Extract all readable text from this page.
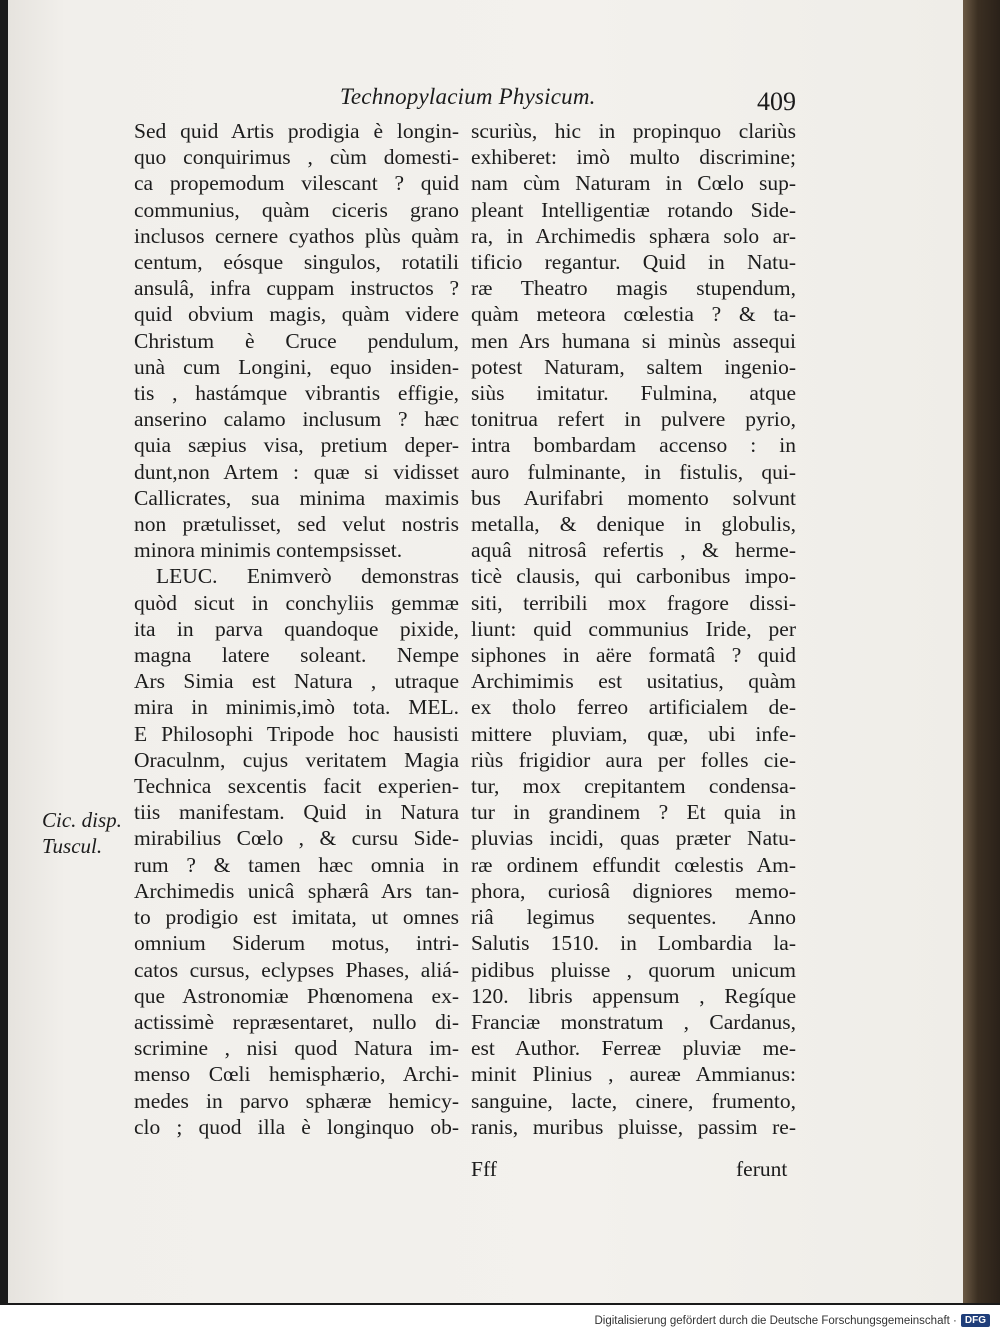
Technopylacium Physicum.	409
Sed quid Artis prodigia è longin-
quo conquirimus , cùm domesti-
ca propemodum vilescant ? quid
communius, quàm ciceris grano
inclusos cernere cyathos plùs quàm
centum, eósque singulos, rotatili
ansulâ, infra cuppam instructos ?
quid obvium magis, quàm videre
Christum è Cruce pendulum,
unà cum Longini, equo insiden-
tis , hastámque vibrantis effigie,
anserino calamo inclusum ? hæc
quia sæpius visa, pretium deper-
dunt,non Artem : quæ si vidisset
Callicrates, sua minima maximis
non prætulisset, sed velut nostris
minora minimis contempsisset.
LEUC. Enimverò demonstras
quòd sicut in conchyliis gemmæ
ita in parva quandoque pixide,
magna latere soleant. Nempe
Ars Simia est Natura , utraque
mira in minimis,imò tota. MEL.
E Philosophi Tripode hoc hausisti
Oraculnm, cujus veritatem Magia
Technica sexcentis facit experien-
tiis manifestam. Quid in Natura
mirabilius Cœlo , & cursu Side-
rum ? & tamen hæc omnia in
Archimedis unicâ sphærâ Ars tan-
to prodigio est imitata, ut omnes
omnium Siderum motus, intri-
catos cursus, eclypses Phases, aliá-
que Astronomiæ Phœnomena ex-
actissimè repræsentaret, nullo di-
scrimine , nisi quod Natura im-
menso Cœli hemisphærio, Archi-
medes in parvo sphæræ hemicy-
clo ; quod illa è longinquo ob-
scuriùs, hic in propinquo clariùs
exhiberet: imò multo discrimine;
nam cùm Naturam in Cœlo sup-
pleant Intelligentiæ rotando Side-
ra, in Archimedis sphæra solo ar-
tificio regantur. Quid in Natu-
ræ Theatro magis stupendum,
quàm meteora cœlestia ? & ta-
men Ars humana si minùs assequi
potest Naturam, saltem ingenio-
siùs imitatur. Fulmina, atque
tonitrua refert in pulvere pyrio,
intra bombardam accenso : in
auro fulminante, in fistulis, qui-
bus Aurifabri momento solvunt
metalla, & denique in globulis,
aquâ nitrosâ refertis , & herme-
ticè clausis, qui carbonibus impo-
siti, terribili mox fragore dissi-
liunt: quid communius Iride, per
siphones in aëre formatâ ? quid
Archimimis est usitatius, quàm
ex tholo ferreo artificialem de-
mittere pluviam, quæ, ubi infe-
riùs frigidior aura per folles cie-
tur, mox crepitantem condensa-
tur in grandinem ? Et quia in
pluvias incidi, quas præter Natu-
ræ ordinem effundit cœlestis Am-
phora, curiosâ digniores memo-
riâ legimus sequentes. Anno
Salutis 1510. in Lombardia la-
pidibus pluisse , quorum unicum
120. libris appensum , Regíque
Franciæ monstratum , Cardanus,
est Author. Ferreæ pluviæ me-
minit Plinius , aureæ Ammianus:
sanguine, lacte, cinere, frumento,
ranis, muribus pluisse, passim re-
Cic. disp.
Tuscul.
Fff	ferunt
Digitalisierung gefördert durch die Deutsche Forschungsgemeinschaft · DFG
